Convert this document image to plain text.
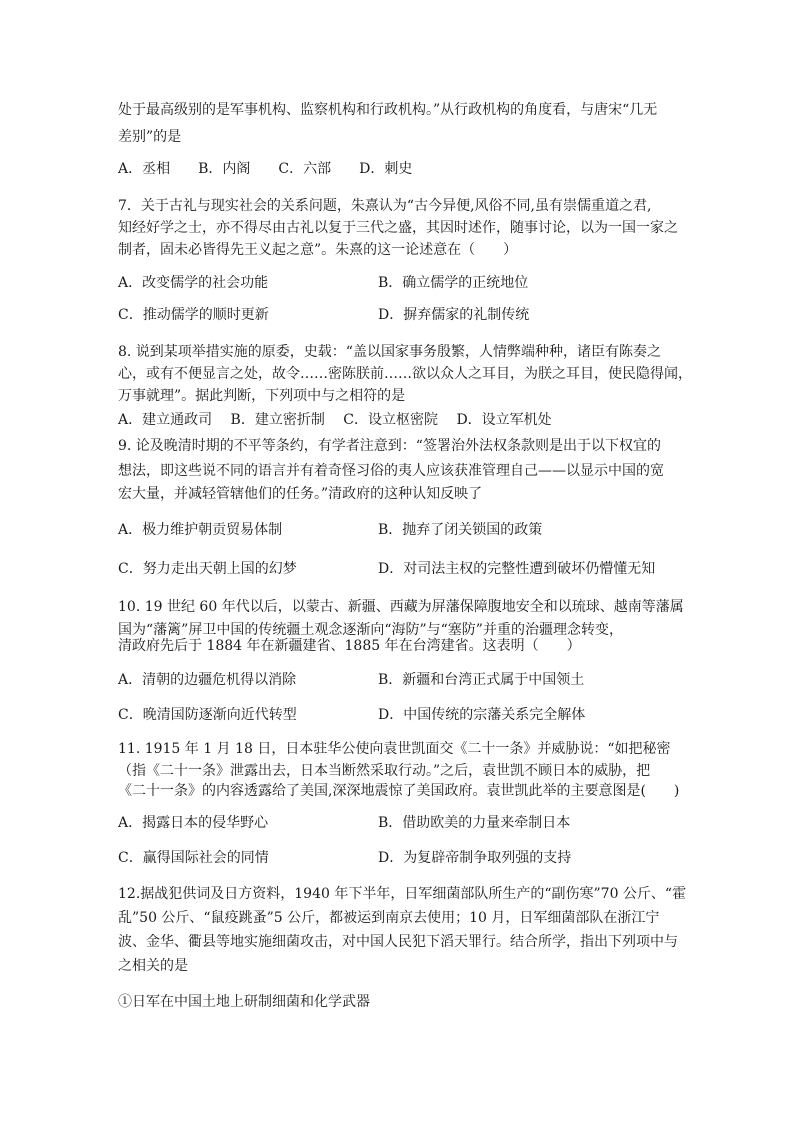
处于最高级别的是军事机构、监察机构和行政机构。”从行政机构的角度看，与唐宋“几无
差别”的是
A．丞相　　B．内阁　　C．六部　　D．刺史
7．关于古礼与现实社会的关系问题，朱熹认为“古今异便,风俗不同,虽有崇儒重道之君,
知经好学之士，亦不得尽由古礼以复于三代之盛，其因时述作，随事讨论，以为一国一家之
制者，固未必皆得先王义起之意”。朱熹的这一论述意在（　　）
A．改变儒学的社会功能	B．确立儒学的正统地位
C．推动儒学的顺时更新	D．摒弃儒家的礼制传统
8. 说到某项举措实施的原委，史载：“盖以国家事务殷繁，人情弊端种种，诸臣有陈奏之
心，或有不便显言之处，故令……密陈朕前……欲以众人之耳目，为朕之耳目，使民隐得闻，
万事就理”。据此判断，下列项中与之相符的是
A．建立通政司　 B．建立密折制　 C．设立枢密院　 D．设立军机处
9. 论及晚清时期的不平等条约，有学者注意到：“签署治外法权条款则是出于以下权宜的
想法，即这些说不同的语言并有着奇怪习俗的夷人应该获准管理自己——以显示中国的宽
宏大量，并减轻管辖他们的任务。”清政府的这种认知反映了
A．极力维护朝贡贸易体制	B．抛弃了闭关锁国的政策
C．努力走出天朝上国的幻梦	D．对司法主权的完整性遭到破坏仍懵懂无知
10. 19 世纪 60 年代以后，以蒙古、新疆、西藏为屏藩保障腹地安全和以琉球、越南等藩属
国为“藩篱”屏卫中国的传统疆土观念逐渐向“海防”与“塞防”并重的治疆理念转变，
清政府先后于 1884 年在新疆建省、1885 年在台湾建省。这表明（　　）
A．清朝的边疆危机得以消除	B．新疆和台湾正式属于中国领土
C．晚清国防逐渐向近代转型	D．中国传统的宗藩关系完全解体
11. 1915 年 1 月 18 日，日本驻华公使向袁世凯面交《二十一条》并威胁说：“如把秘密
（指《二十一条》泄露出去，日本当断然采取行动。”之后，袁世凯不顾日本的威胁，把
《二十一条》的内容透露给了美国,深深地震惊了美国政府。袁世凯此举的主要意图是(　　)
A．揭露日本的侵华野心	B．借助欧美的力量来牵制日本
C．赢得国际社会的同情	D．为复辟帝制争取列强的支持
12.据战犯供词及日方资料，1940 年下半年，日军细菌部队所生产的“副伤寒”70 公斤、“霍
乱”50 公斤、“鼠疫跳蚤”5 公斤，都被运到南京去使用；10 月，日军细菌部队在浙江宁
波、金华、衢县等地实施细菌攻击，对中国人民犯下滔天罪行。结合所学，指出下列项中与
之相关的是
①日军在中国土地上研制细菌和化学武器
